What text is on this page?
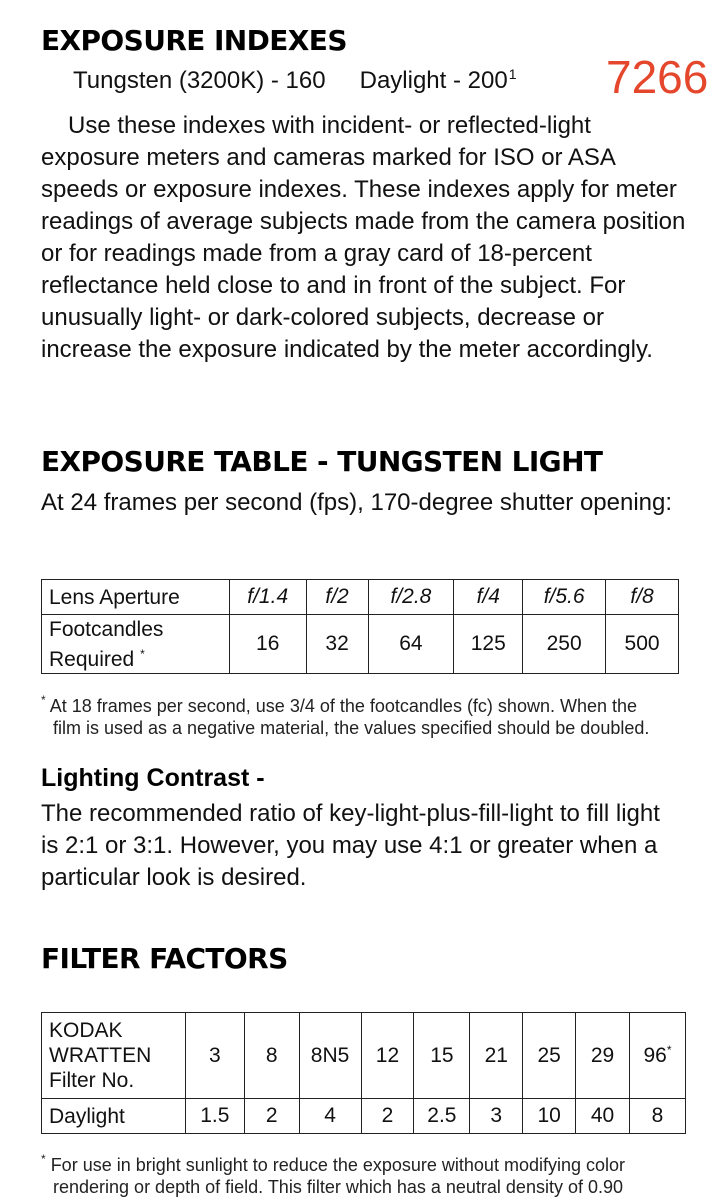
EXPOSURE INDEXES
Tungsten (3200K) - 160 Daylight - $200^1$ 7266

Use these indexes with incident- or reflected-light exposure meters and cameras marked for ISO or ASA speeds or exposure indexes. These indexes apply for meter readings of average subjects made from the camera position or for readings made from a gray card of 18-percent reflectance held close to and in front of the subject. For unusually light- or dark-colored subjects, decrease or increase the exposure indicated by the meter accordingly.

EXPOSURE TABLE - TUNGSTEN LIGHT

At 24 frames per second (fps), 170-degree shutter opening:

Lens Aperture	f/1.4	f/2	f/2.8	f/4	f/5.6	f/8
Footcandles
Required *	16	32	64	125	250	500
* At 18 frames per second, use 3/4 of the footcandles (fc) shown. When the
film is used as a negative material, the values specified should be doubled.
Lighting Contrast -

The recommended ratio of key-light-plus-fill-light to fill light is 2:1 or 3:1. However, you may use 4:1 or greater when a particular look is desired.

FILTER FACTORS
KODAK
WRATTEN
Filter No.	3	8	8N5	12	15	21	25	29	96*
Daylight	1.5	2	4	2	2.5	3	10	40	8
* For use in bright sunlight to reduce the exposure without modifying color
rendering or depth of field. This filter which has a neutral density of 0.90
